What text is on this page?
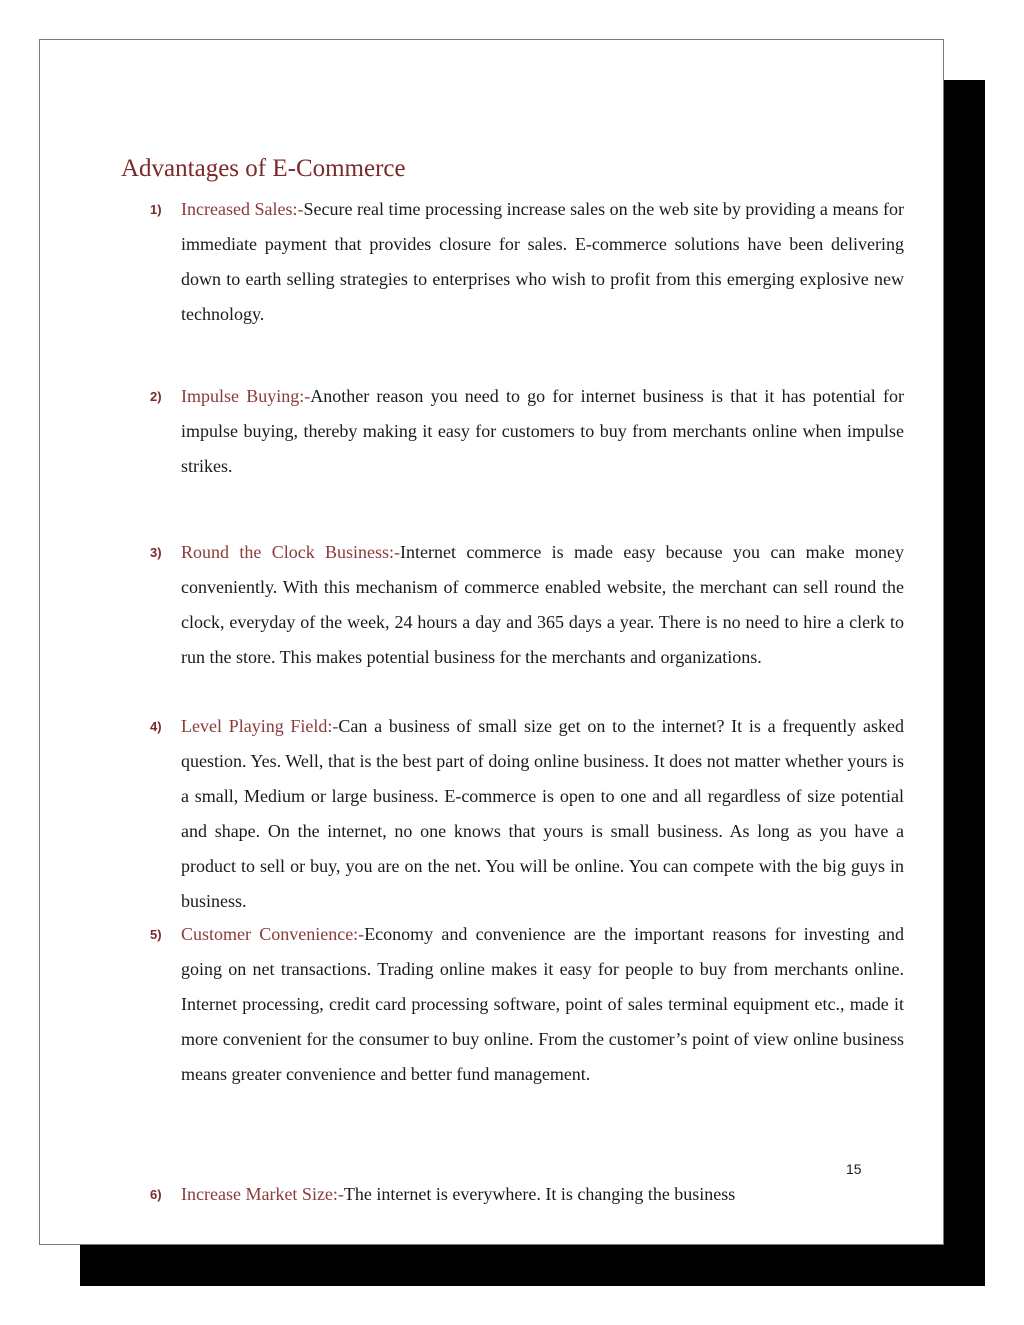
Advantages of E-Commerce

1) Increased Sales:-Secure real time processing increase sales on the web site by providing a means for immediate payment that provides closure for sales. E-commerce solutions have been delivering down to earth selling strategies to enterprises who wish to profit from this emerging explosive new technology.

2) Impulse Buying:-Another reason you need to go for internet business is that it has potential for impulse buying, thereby making it easy for customers to buy from merchants online when impulse strikes.

3) Round the Clock Business:-Internet commerce is made easy because you can make money conveniently. With this mechanism of commerce enabled website, the merchant can sell round the clock, everyday of the week, 24 hours a day and 365 days a year. There is no need to hire a clerk to run the store. This makes potential business for the merchants and organizations.

4) Level Playing Field:-Can a business of small size get on to the internet? It is a frequently asked question. Yes. Well, that is the best part of doing online business. It does not matter whether yours is a small, Medium or large business. E-commerce is open to one and all regardless of size potential and shape. On the internet, no one knows that yours is small business. As long as you have a product to sell or buy, you are on the net. You will be online. You can compete with the big guys in business.

5) Customer Convenience:-Economy and convenience are the important reasons for investing and going on net transactions. Trading online makes it easy for people to buy from merchants online. Internet processing, credit card processing software, point of sales terminal equipment etc., made it more convenient for the consumer to buy online. From the customer’s point of view online business means greater convenience and better fund management.

15

6) Increase Market Size:-The internet is everywhere. It is changing the business
